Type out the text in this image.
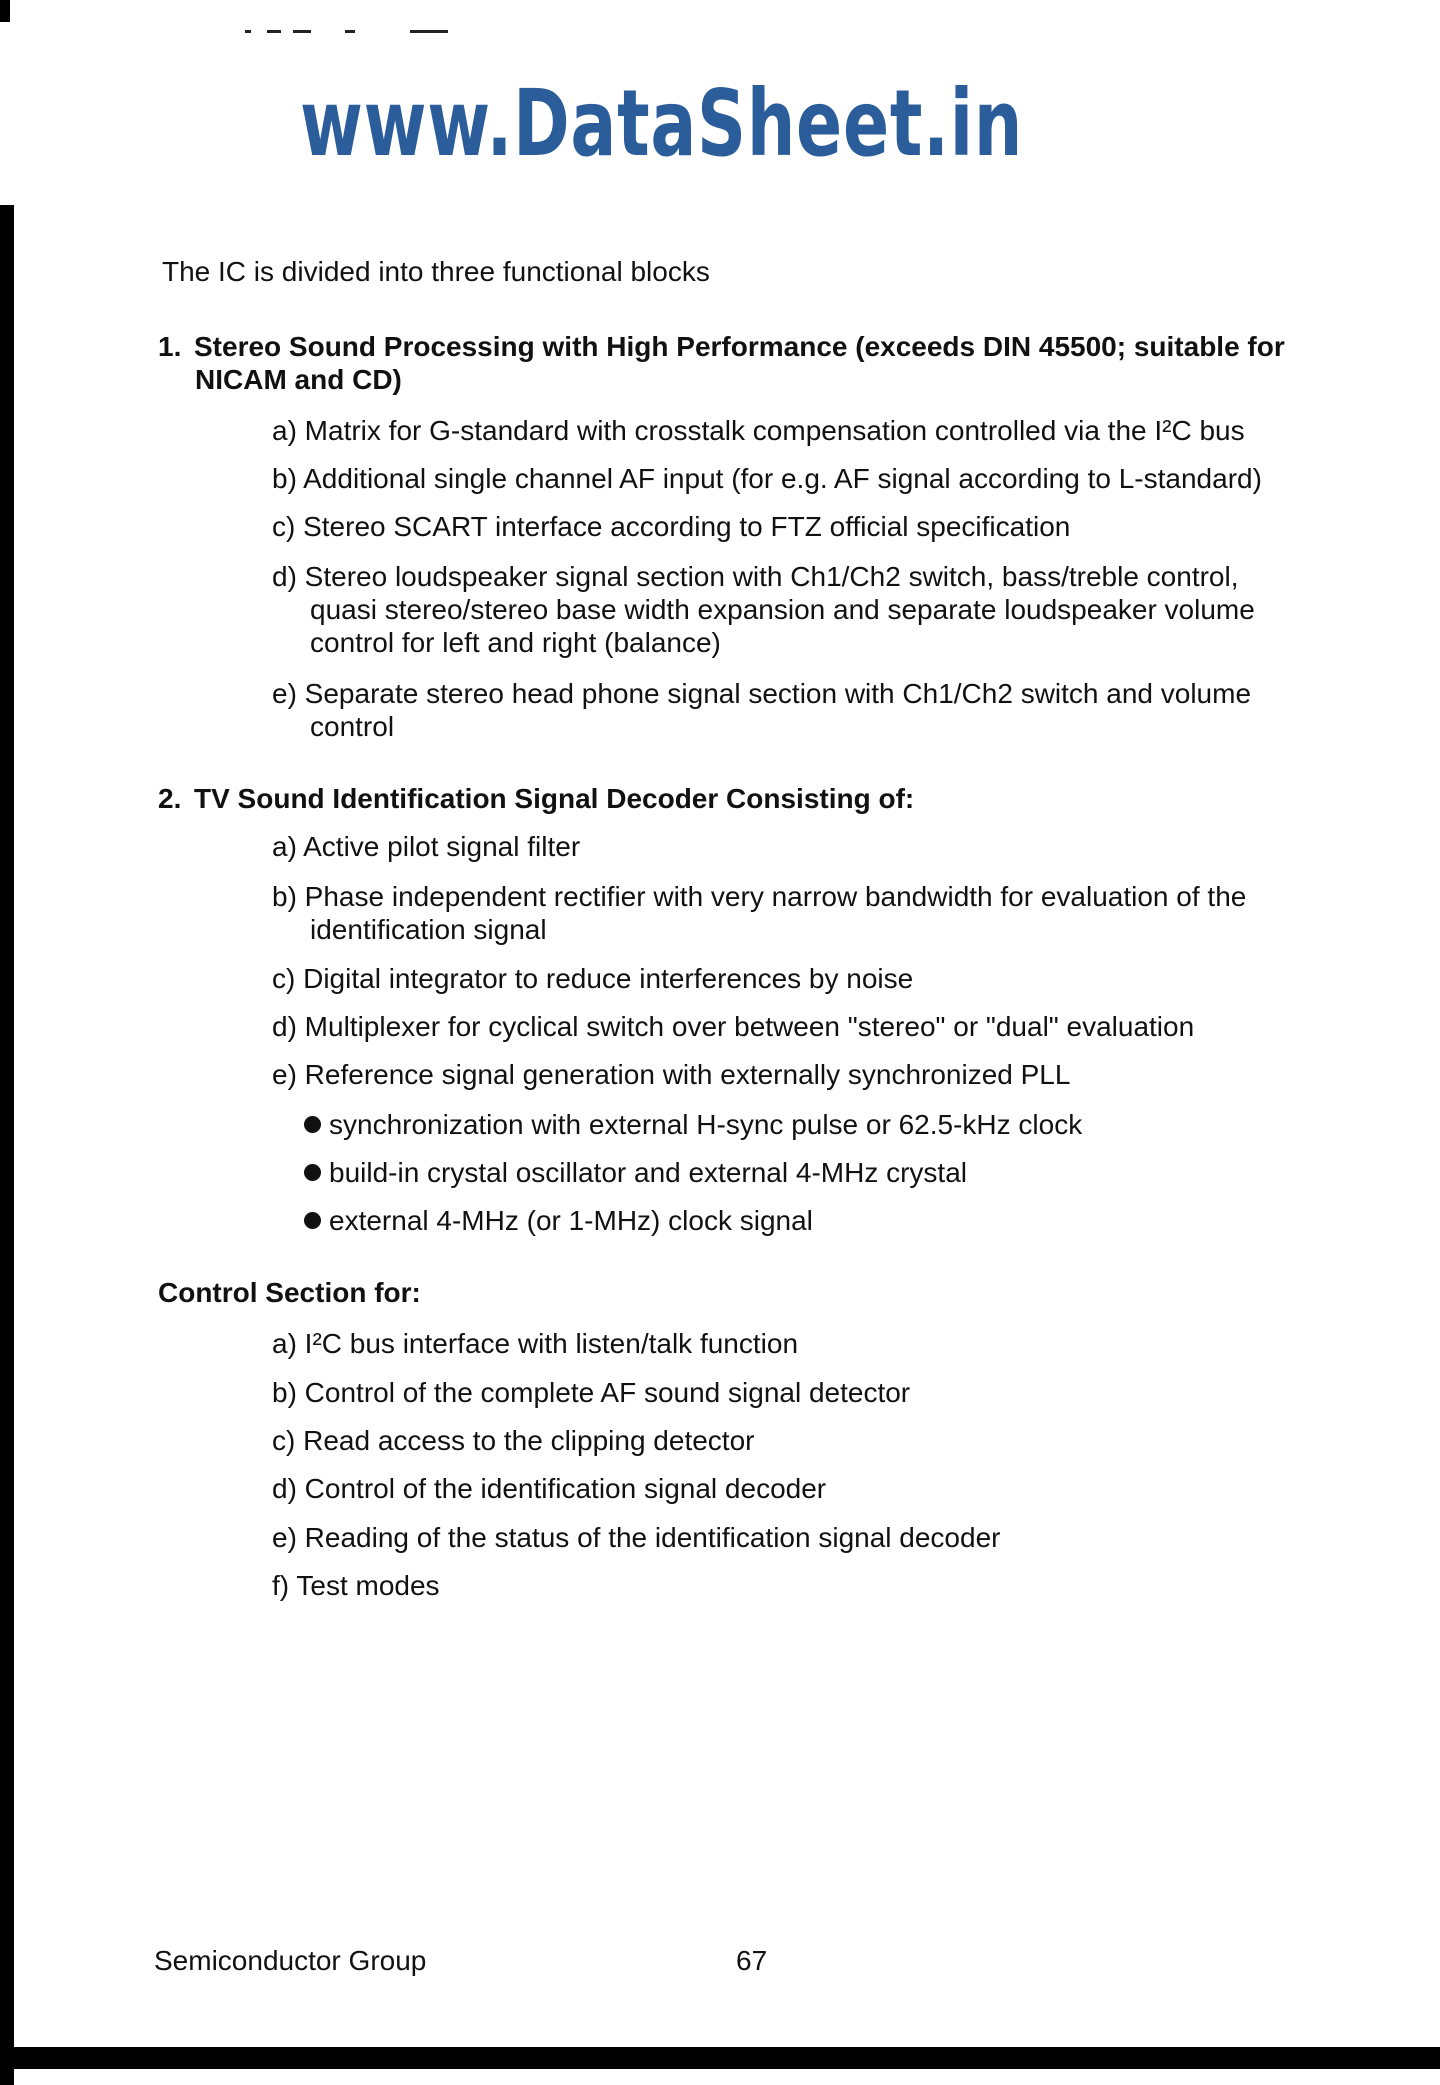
www.DataSheet.in
The IC is divided into three functional blocks
1. Stereo Sound Processing with High Performance (exceeds DIN 45500; suitable for
NICAM and CD)
a) Matrix for G-standard with crosstalk compensation controlled via the I²C bus
b) Additional single channel AF input (for e.g. AF signal according to L-standard)
c) Stereo SCART interface according to FTZ official specification
d) Stereo loudspeaker signal section with Ch1/Ch2 switch, bass/treble control,
quasi stereo/stereo base width expansion and separate loudspeaker volume
control for left and right (balance)
e) Separate stereo head phone signal section with Ch1/Ch2 switch and volume
control
2. TV Sound Identification Signal Decoder Consisting of:
a) Active pilot signal filter
b) Phase independent rectifier with very narrow bandwidth for evaluation of the
identification signal
c) Digital integrator to reduce interferences by noise
d) Multiplexer for cyclical switch over between "stereo" or "dual" evaluation
e) Reference signal generation with externally synchronized PLL
synchronization with external H-sync pulse or 62.5-kHz clock
build-in crystal oscillator and external 4-MHz crystal
external 4-MHz (or 1-MHz) clock signal
Control Section for:
a) I²C bus interface with listen/talk function
b) Control of the complete AF sound signal detector
c) Read access to the clipping detector
d) Control of the identification signal decoder
e) Reading of the status of the identification signal decoder
f) Test modes
Semiconductor Group	67
